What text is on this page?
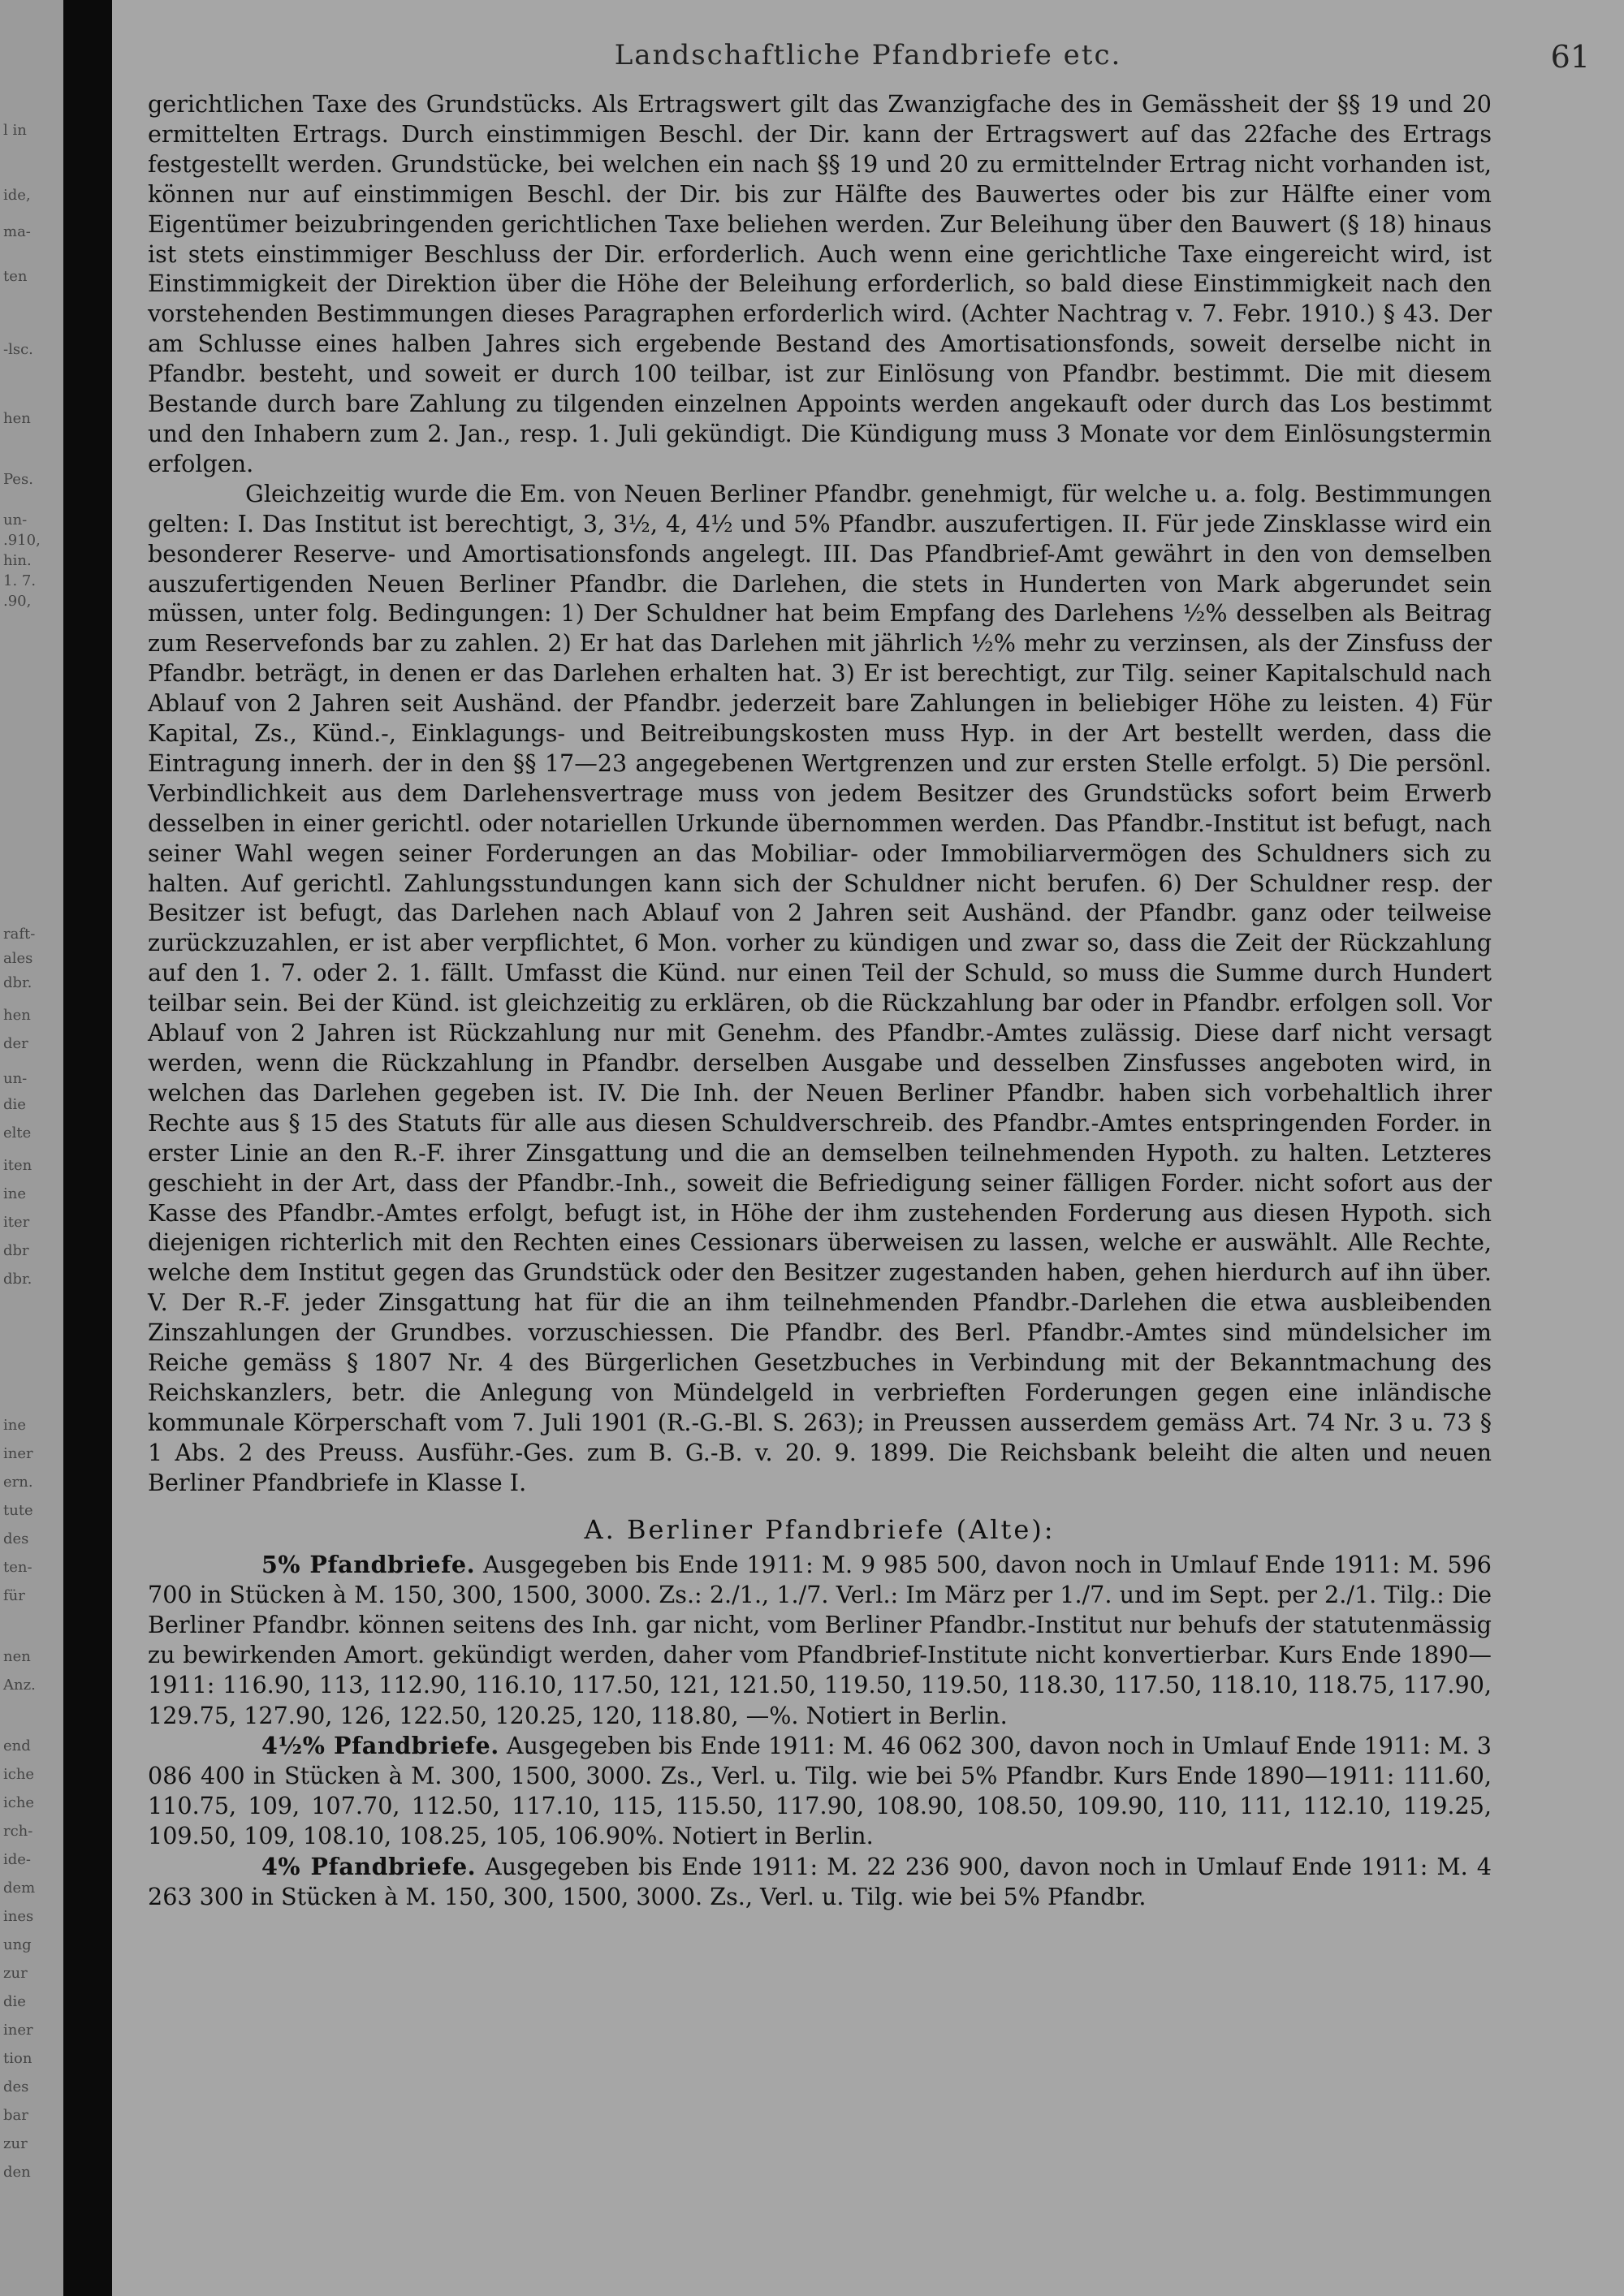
l in
ide,
ma-
ten
-lsc.
hen
Pes.
un-
.910,
hin.
1. 7.
.90,
raft-
ales
dbr.
hen
der
un-
die
elte
iten
ine
iter
dbr
dbr.
ine
iner
ern.
tute
des
ten-
für
nen
Anz.
end
iche
iche
rch-
ide-
dem
ines
ung
zur
die
iner
tion
des
bar
zur
den
Landschaftliche Pfandbriefe etc.	61

gerichtlichen Taxe des Grundstücks. Als Ertragswert gilt das Zwanzigfache des in Gemässheit der §§ 19 und 20 ermittelten Ertrags. Durch einstimmigen Beschl. der Dir. kann der Ertragswert auf das 22fache des Ertrags festgestellt werden. Grundstücke, bei welchen ein nach §§ 19 und 20 zu ermittelnder Ertrag nicht vorhanden ist, können nur auf einstimmigen Beschl. der Dir. bis zur Hälfte des Bauwertes oder bis zur Hälfte einer vom Eigentümer beizubringenden gerichtlichen Taxe beliehen werden. Zur Beleihung über den Bauwert (§ 18) hinaus ist stets einstimmiger Beschluss der Dir. erforderlich. Auch wenn eine gerichtliche Taxe eingereicht wird, ist Einstimmigkeit der Direktion über die Höhe der Beleihung erforderlich, so bald diese Einstimmigkeit nach den vorstehenden Bestimmungen dieses Paragraphen erforderlich wird. (Achter Nachtrag v. 7. Febr. 1910.) § 43. Der am Schlusse eines halben Jahres sich ergebende Bestand des Amortisationsfonds, soweit derselbe nicht in Pfandbr. besteht, und soweit er durch 100 teilbar, ist zur Einlösung von Pfandbr. bestimmt. Die mit diesem Bestande durch bare Zahlung zu tilgenden einzelnen Appoints werden angekauft oder durch das Los bestimmt und den Inhabern zum 2. Jan., resp. 1. Juli gekündigt. Die Kündigung muss 3 Monate vor dem Einlösungstermin erfolgen.

Gleichzeitig wurde die Em. von Neuen Berliner Pfandbr. genehmigt, für welche u. a. folg. Bestimmungen gelten: I. Das Institut ist berechtigt, 3, 3½, 4, 4½ und 5% Pfandbr. auszufertigen. II. Für jede Zinsklasse wird ein besonderer Reserve- und Amortisationsfonds angelegt. III. Das Pfandbrief-Amt gewährt in den von demselben auszufertigenden Neuen Berliner Pfandbr. die Darlehen, die stets in Hunderten von Mark abgerundet sein müssen, unter folg. Bedingungen: 1) Der Schuldner hat beim Empfang des Darlehens ½% desselben als Beitrag zum Reservefonds bar zu zahlen. 2) Er hat das Darlehen mit jährlich ½% mehr zu verzinsen, als der Zinsfuss der Pfandbr. beträgt, in denen er das Darlehen erhalten hat. 3) Er ist berechtigt, zur Tilg. seiner Kapitalschuld nach Ablauf von 2 Jahren seit Aushänd. der Pfandbr. jederzeit bare Zahlungen in beliebiger Höhe zu leisten. 4) Für Kapital, Zs., Künd.-, Einklagungs- und Beitreibungskosten muss Hyp. in der Art bestellt werden, dass die Eintragung innerh. der in den §§ 17—23 angegebenen Wertgrenzen und zur ersten Stelle erfolgt. 5) Die persönl. Verbindlichkeit aus dem Darlehensvertrage muss von jedem Besitzer des Grundstücks sofort beim Erwerb desselben in einer gerichtl. oder notariellen Urkunde übernommen werden. Das Pfandbr.-Institut ist befugt, nach seiner Wahl wegen seiner Forderungen an das Mobiliar- oder Immobiliarvermögen des Schuldners sich zu halten. Auf gerichtl. Zahlungsstundungen kann sich der Schuldner nicht berufen. 6) Der Schuldner resp. der Besitzer ist befugt, das Darlehen nach Ablauf von 2 Jahren seit Aushänd. der Pfandbr. ganz oder teilweise zurückzuzahlen, er ist aber verpflichtet, 6 Mon. vorher zu kündigen und zwar so, dass die Zeit der Rückzahlung auf den 1. 7. oder 2. 1. fällt. Umfasst die Künd. nur einen Teil der Schuld, so muss die Summe durch Hundert teilbar sein. Bei der Künd. ist gleichzeitig zu erklären, ob die Rückzahlung bar oder in Pfandbr. erfolgen soll. Vor Ablauf von 2 Jahren ist Rückzahlung nur mit Genehm. des Pfandbr.-Amtes zulässig. Diese darf nicht versagt werden, wenn die Rückzahlung in Pfandbr. derselben Ausgabe und desselben Zinsfusses angeboten wird, in welchen das Darlehen gegeben ist. IV. Die Inh. der Neuen Berliner Pfandbr. haben sich vorbehaltlich ihrer Rechte aus § 15 des Statuts für alle aus diesen Schuldverschreib. des Pfandbr.-Amtes entspringenden Forder. in erster Linie an den R.-F. ihrer Zinsgattung und die an demselben teilnehmenden Hypoth. zu halten. Letzteres geschieht in der Art, dass der Pfandbr.-Inh., soweit die Befriedigung seiner fälligen Forder. nicht sofort aus der Kasse des Pfandbr.-Amtes erfolgt, befugt ist, in Höhe der ihm zustehenden Forderung aus diesen Hypoth. sich diejenigen richterlich mit den Rechten eines Cessionars überweisen zu lassen, welche er auswählt. Alle Rechte, welche dem Institut gegen das Grundstück oder den Besitzer zugestanden haben, gehen hierdurch auf ihn über. V. Der R.-F. jeder Zinsgattung hat für die an ihm teilnehmenden Pfandbr.-Darlehen die etwa ausbleibenden Zinszahlungen der Grundbes. vorzuschiessen. Die Pfandbr. des Berl. Pfandbr.-Amtes sind mündelsicher im Reiche gemäss § 1807 Nr. 4 des Bürgerlichen Gesetzbuches in Verbindung mit der Bekanntmachung des Reichskanzlers, betr. die Anlegung von Mündelgeld in verbrieften Forderungen gegen eine inländische kommunale Körperschaft vom 7. Juli 1901 (R.-G.-Bl. S. 263); in Preussen ausserdem gemäss Art. 74 Nr. 3 u. 73 § 1 Abs. 2 des Preuss. Ausführ.-Ges. zum B. G.-B. v. 20. 9. 1899. Die Reichsbank beleiht die alten und neuen Berliner Pfandbriefe in Klasse I.

A. Berliner Pfandbriefe (Alte):

5% Pfandbriefe. Ausgegeben bis Ende 1911: M. 9 985 500, davon noch in Umlauf Ende 1911: M. 596 700 in Stücken à M. 150, 300, 1500, 3000. Zs.: 2./1., 1./7. Verl.: Im März per 1./7. und im Sept. per 2./1. Tilg.: Die Berliner Pfandbr. können seitens des Inh. gar nicht, vom Berliner Pfandbr.-Institut nur behufs der statutenmässig zu bewirkenden Amort. gekündigt werden, daher vom Pfandbrief-Institute nicht konvertierbar. Kurs Ende 1890—1911: 116.90, 113, 112.90, 116.10, 117.50, 121, 121.50, 119.50, 119.50, 118.30, 117.50, 118.10, 118.75, 117.90, 129.75, 127.90, 126, 122.50, 120.25, 120, 118.80, —%. Notiert in Berlin.

4½% Pfandbriefe. Ausgegeben bis Ende 1911: M. 46 062 300, davon noch in Umlauf Ende 1911: M. 3 086 400 in Stücken à M. 300, 1500, 3000. Zs., Verl. u. Tilg. wie bei 5% Pfandbr. Kurs Ende 1890—1911: 111.60, 110.75, 109, 107.70, 112.50, 117.10, 115, 115.50, 117.90, 108.90, 108.50, 109.90, 110, 111, 112.10, 119.25, 109.50, 109, 108.10, 108.25, 105, 106.90%. Notiert in Berlin.

4% Pfandbriefe. Ausgegeben bis Ende 1911: M. 22 236 900, davon noch in Umlauf Ende 1911: M. 4 263 300 in Stücken à M. 150, 300, 1500, 3000. Zs., Verl. u. Tilg. wie bei 5% Pfandbr.
